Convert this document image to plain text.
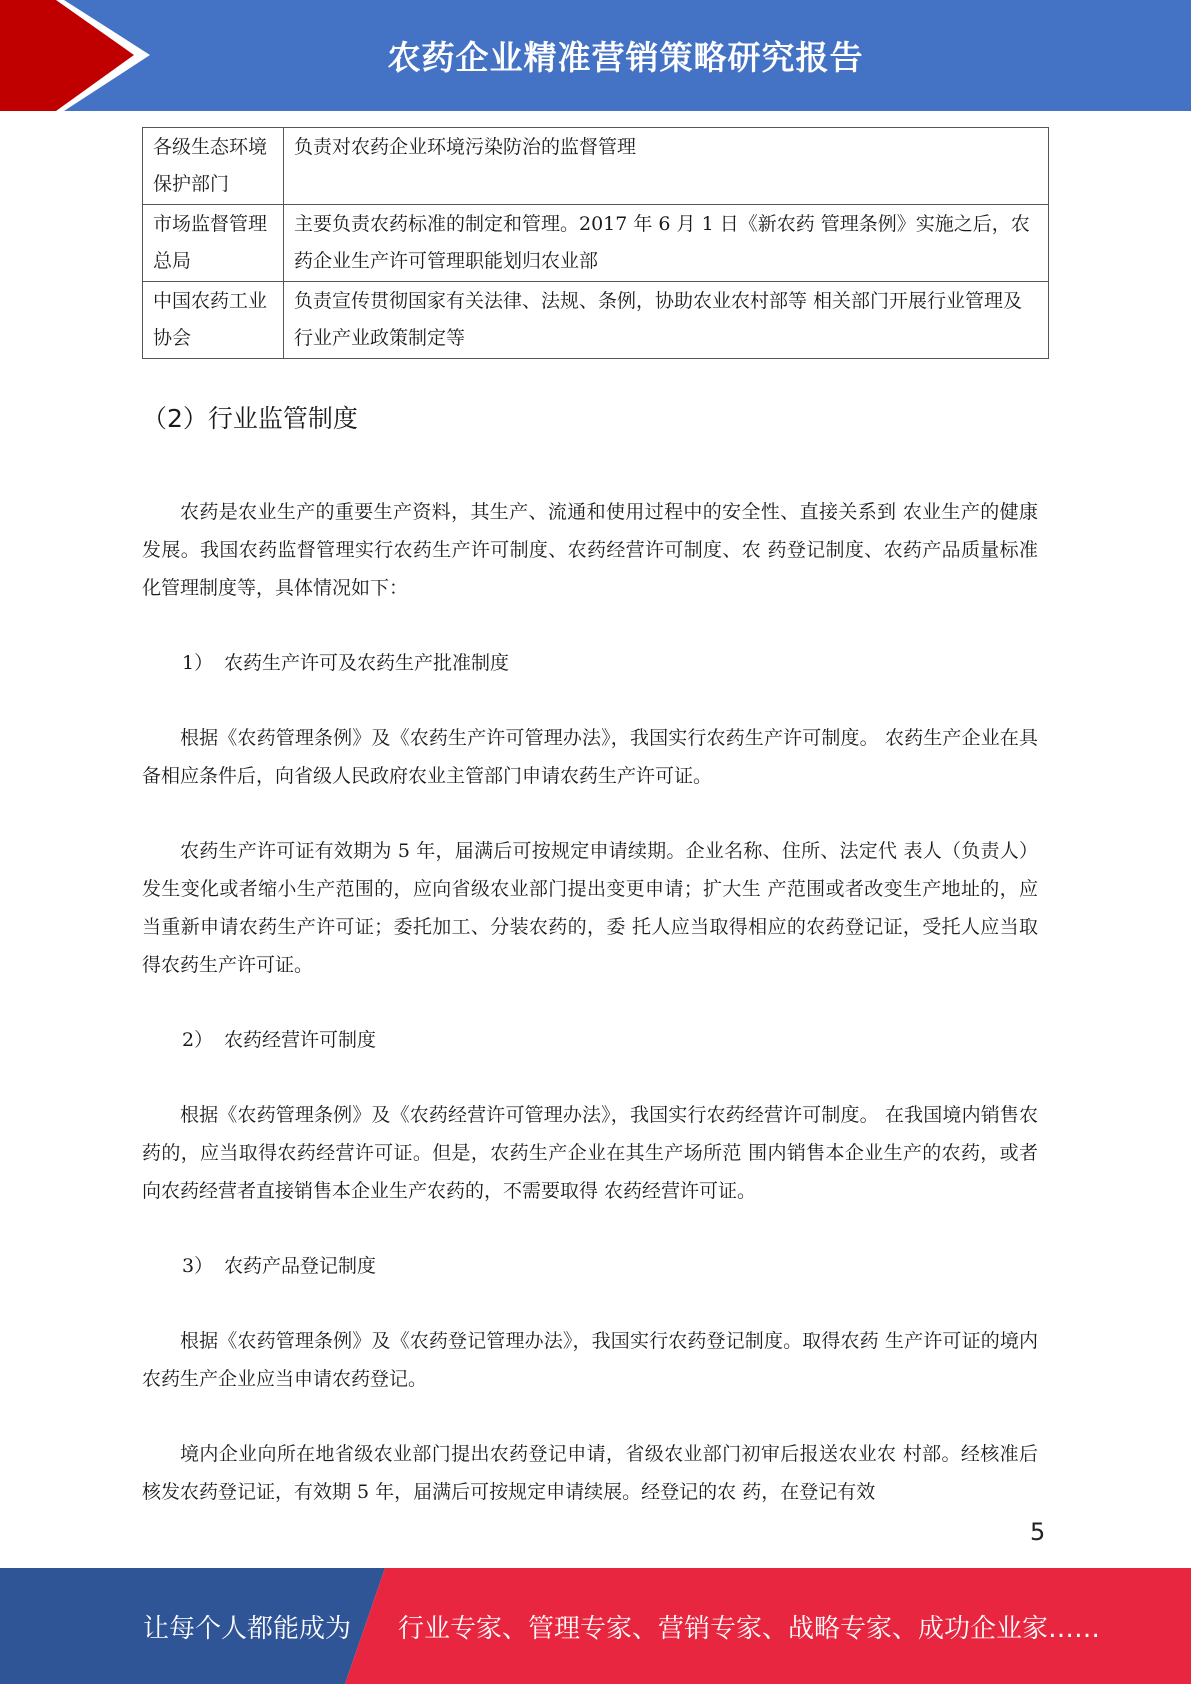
农药企业精准营销策略研究报告
各级生态环境保护部门	负责对农药企业环境污染防治的监督管理
市场监督管理总局	主要负责农药标准的制定和管理。2017 年 6 月 1 日《新农药 管理条例》实施之后，农药企业生产许可管理职能划归农业部
中国农药工业协会	负责宣传贯彻国家有关法律、法规、条例，协助农业农村部等 相关部门开展行业管理及行业产业政策制定等
（2）行业监管制度

农药是农业生产的重要生产资料，其生产、流通和使用过程中的安全性、直接关系到 农业生产的健康发展。我国农药监督管理实行农药生产许可制度、农药经营许可制度、农 药登记制度、农药产品质量标准化管理制度等，具体情况如下：

1） 农药生产许可及农药生产批准制度

根据《农药管理条例》及《农药生产许可管理办法》，我国实行农药生产许可制度。 农药生产企业在具备相应条件后，向省级人民政府农业主管部门申请农药生产许可证。

农药生产许可证有效期为 5 年，届满后可按规定申请续期。企业名称、住所、法定代 表人（负责人）发生变化或者缩小生产范围的，应向省级农业部门提出变更申请；扩大生 产范围或者改变生产地址的，应当重新申请农药生产许可证；委托加工、分装农药的，委 托人应当取得相应的农药登记证，受托人应当取得农药生产许可证。

2） 农药经营许可制度

根据《农药管理条例》及《农药经营许可管理办法》，我国实行农药经营许可制度。 在我国境内销售农药的，应当取得农药经营许可证。但是，农药生产企业在其生产场所范 围内销售本企业生产的农药，或者向农药经营者直接销售本企业生产农药的，不需要取得 农药经营许可证。

3） 农药产品登记制度

根据《农药管理条例》及《农药登记管理办法》，我国实行农药登记制度。取得农药 生产许可证的境内农药生产企业应当申请农药登记。

境内企业向所在地省级农业部门提出农药登记申请，省级农业部门初审后报送农业农 村部。经核准后核发农药登记证，有效期 5 年，届满后可按规定申请续展。经登记的农 药，在登记有效

5
让每个人都能成为 行业专家、管理专家、营销专家、战略专家、成功企业家……
